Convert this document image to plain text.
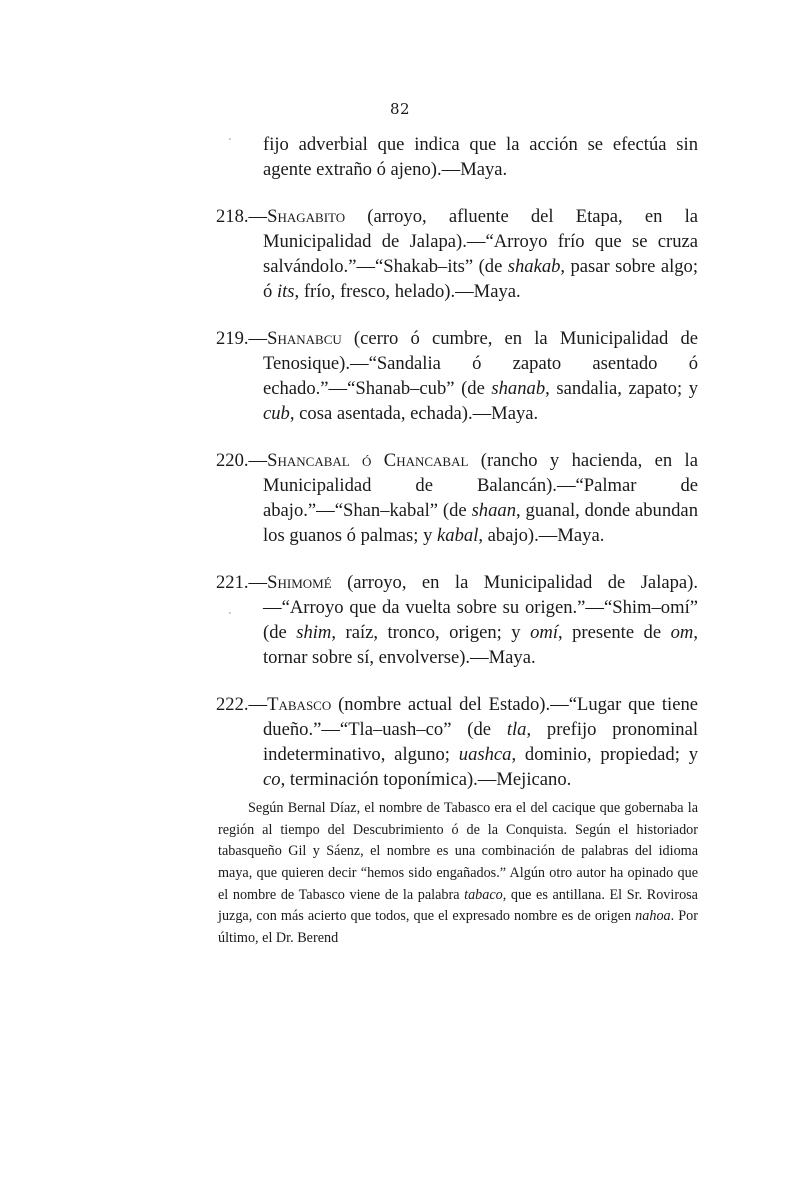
82

fijo adverbial que indica que la acción se efectúa sin agente extraño ó ajeno).—Maya.

218.—Shagabito (arroyo, afluente del Etapa, en la Municipalidad de Jalapa).—“Arroyo frío que se cruza salvándolo.”—“Shakab–its” (de shakab, pasar sobre algo; ó its, frío, fresco, helado).—Maya.

219.—Shanabcu (cerro ó cumbre, en la Municipalidad de Tenosique).—“Sandalia ó zapato asentado ó echado.”—“Shanab–cub” (de shanab, sandalia, zapato; y cub, cosa asentada, echada).—Maya.

220.—Shancabal ó Chancabal (rancho y hacienda, en la Municipalidad de Balancán).—“Palmar de abajo.”—“Shan–kabal” (de shaan, guanal, donde abundan los guanos ó palmas; y kabal, abajo).—Maya.

221.—Shimomé (arroyo, en la Municipalidad de Jalapa).—“Arroyo que da vuelta sobre su origen.”—“Shim–omí” (de shim, raíz, tronco, origen; y omí, presente de om, tornar sobre sí, envolverse).—Maya.

222.—Tabasco (nombre actual del Estado).—“Lugar que tiene dueño.”—“Tla–uash–co” (de tla, prefijo pronominal indeterminativo, alguno; uashca, dominio, propiedad; y co, terminación toponímica).—Mejicano.

Según Bernal Díaz, el nombre de Tabasco era el del cacique que gobernaba la región al tiempo del Descubrimiento ó de la Conquista. Según el historiador tabasqueño Gil y Sáenz, el nombre es una combinación de palabras del idioma maya, que quieren decir “hemos sido engañados.” Algún otro autor ha opinado que el nombre de Tabasco viene de la palabra tabaco, que es antillana. El Sr. Rovirosa juzga, con más acierto que todos, que el expresado nombre es de origen nahoa. Por último, el Dr. Berend
